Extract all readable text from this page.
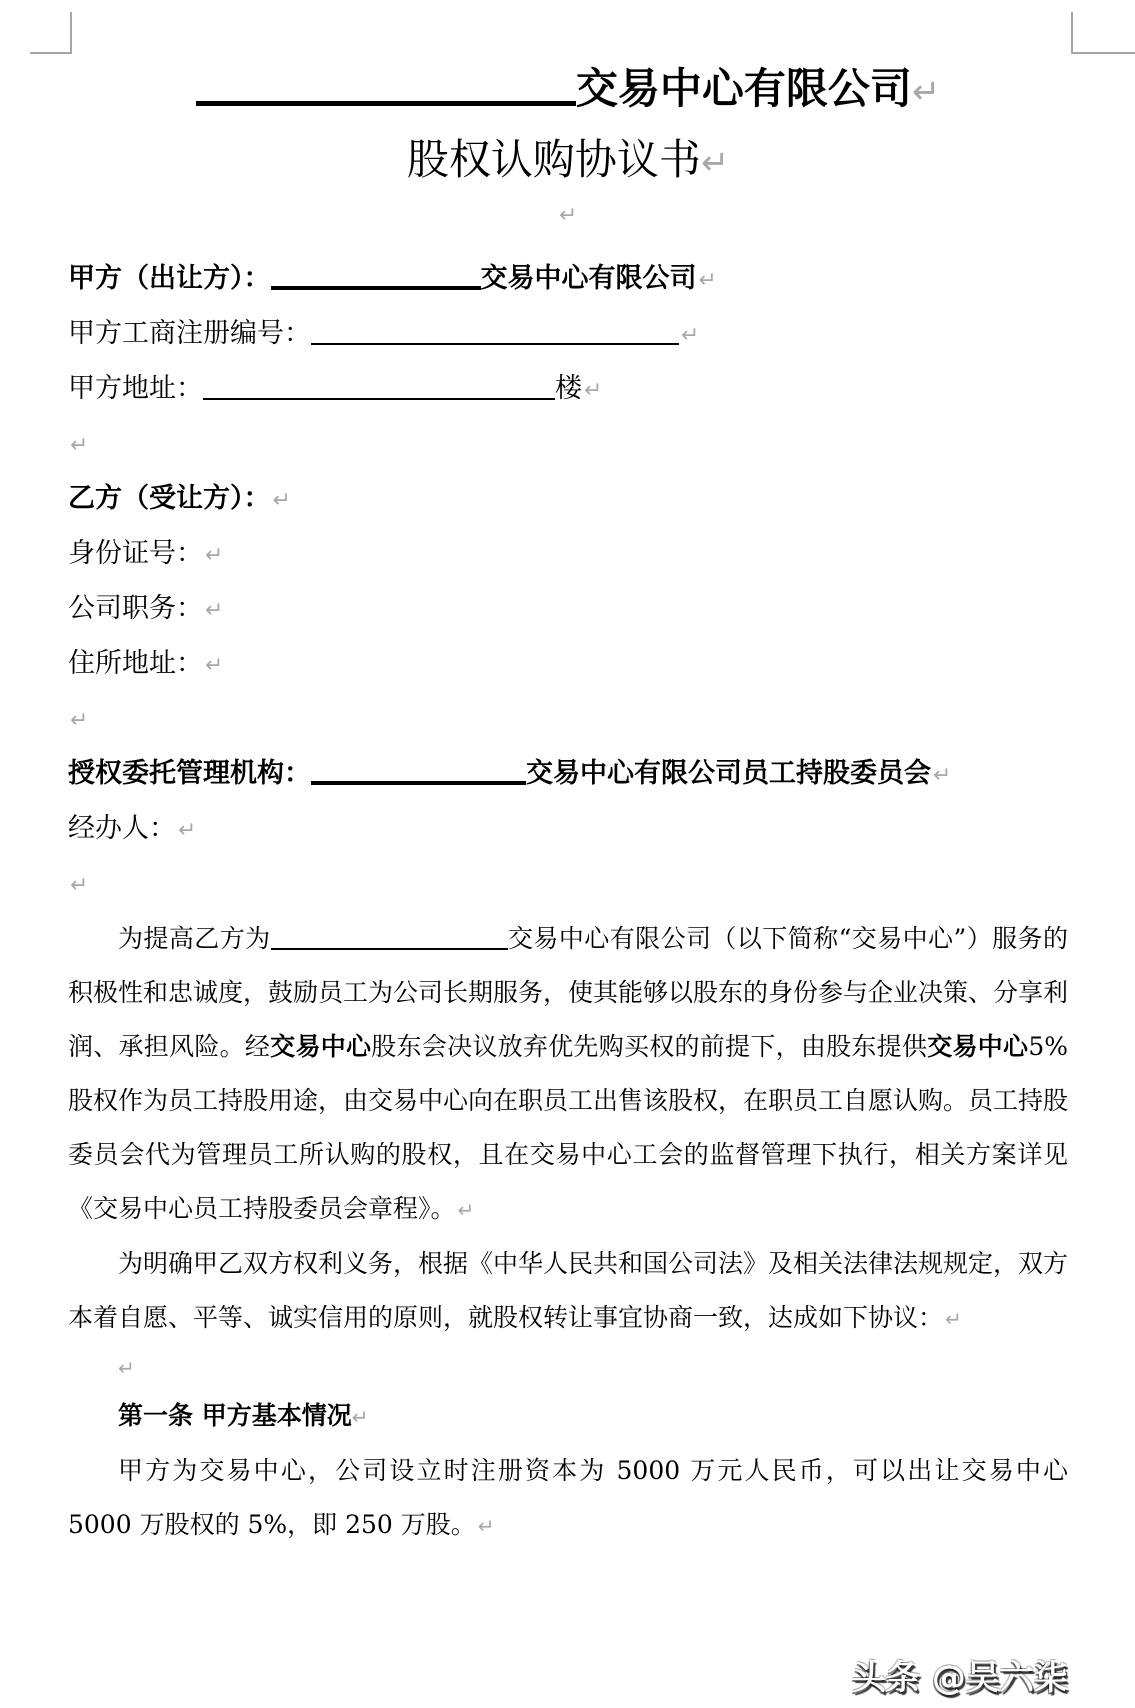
交易中心有限公司↵
股权认购协议书↵

↵

甲方（出让方）：	交易中心有限公司↵

甲方工商注册编号：	↵

甲方地址：	楼↵

↵

乙方（受让方）：↵

身份证号：↵

公司职务：↵

住所地址：↵

↵

授权委托管理机构：	交易中心有限公司员工持股委员会↵

经办人：↵

↵

为提高乙方为	交易中心有限公司（以下简称“交易中心”）服务的积极性和忠诚度，鼓励员工为公司长期服务，使其能够以股东的身份参与企业决策、分享利润、承担风险。经交易中心股东会决议放弃优先购买权的前提下，由股东提供交易中心5%股权作为员工持股用途，由交易中心向在职员工出售该股权，在职员工自愿认购。员工持股委员会代为管理员工所认购的股权，且在交易中心工会的监督管理下执行，相关方案详见《交易中心员工持股委员会章程》。 ↵

为明确甲乙双方权利义务，根据《中华人民共和国公司法》及相关法律法规规定，双方本着自愿、平等、诚实信用的原则，就股权转让事宜协商一致，达成如下协议： ↵

↵

第一条 甲方基本情况↵

甲方为交易中心，公司设立时注册资本为 5000 万元人民币，可以出让交易中心 5000 万股权的 5%，即 250 万股。 ↵

头条 @吴六柒
